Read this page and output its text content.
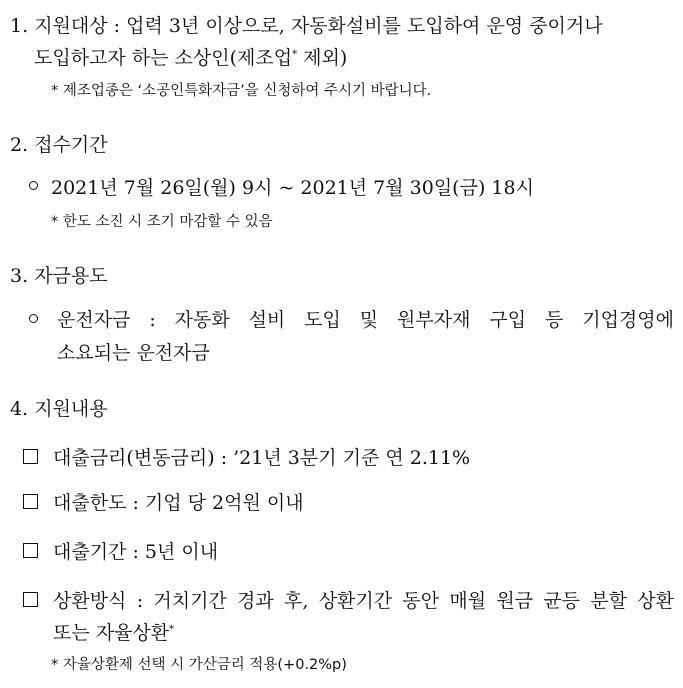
1. 지원대상 : 업력 3년 이상으로, 자동화설비를 도입하여 운영 중이거나
도입하고자 하는 소상인(제조업* 제외)
* 제조업종은 ‘소공인특화자금’을 신청하여 주시기 바랍니다.
2. 접수기간
2021년 7월 26일(월) 9시 ~ 2021년 7월 30일(금) 18시
* 한도 소진 시 조기 마감할 수 있음
3. 자금용도
운전자금 : 자동화 설비 도입 및 원부자재 구입 등 기업경영에
소요되는 운전자금
4. 지원내용
대출금리(변동금리) : ’21년 3분기 기준 연 2.11%
대출한도 : 기업 당 2억원 이내
대출기간 : 5년 이내
상환방식 : 거치기간 경과 후, 상환기간 동안 매월 원금 균등 분할 상환
또는 자율상환*
* 자율상환제 선택 시 가산금리 적용(+0.2%p)
